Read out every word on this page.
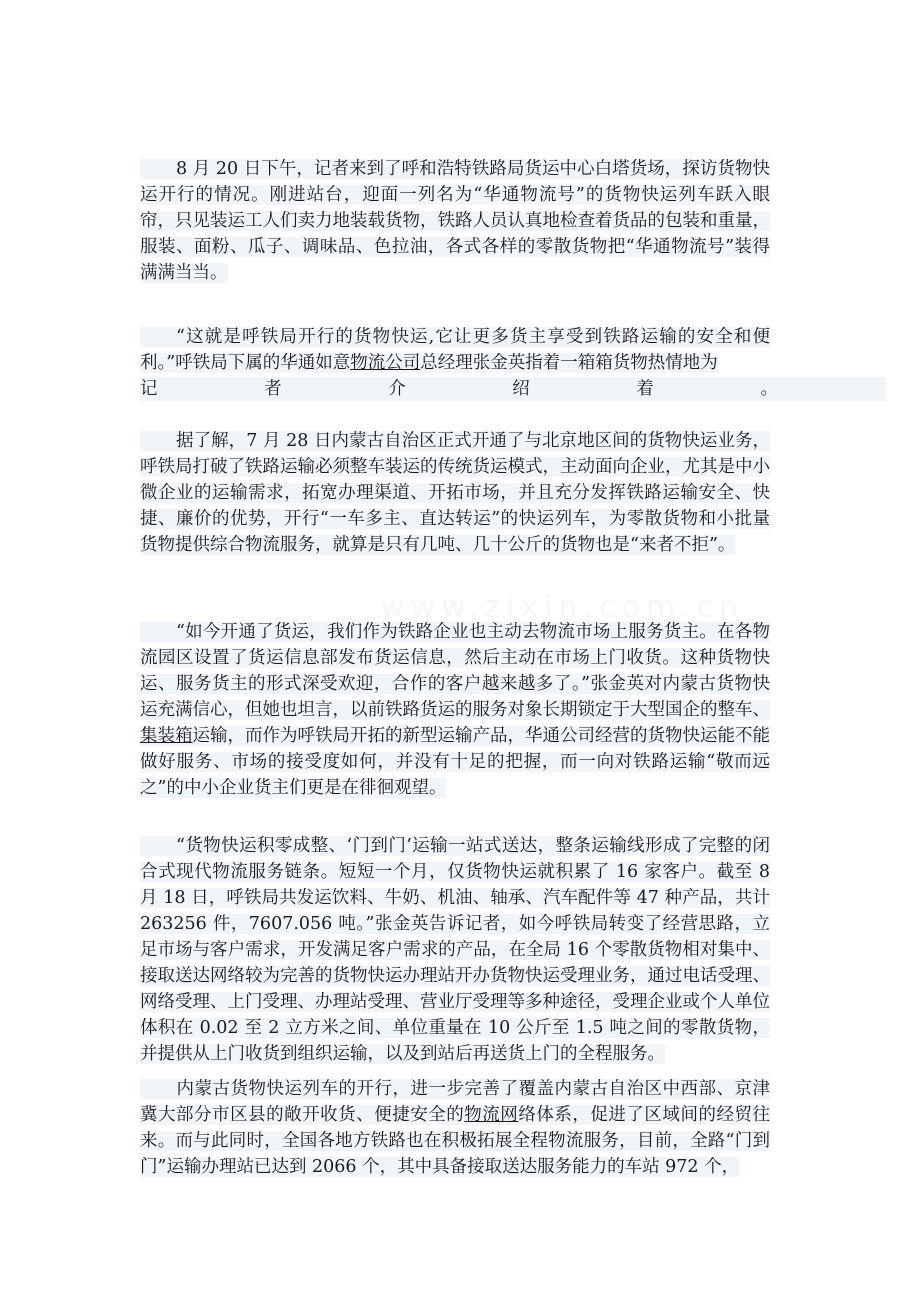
8 月 20 日下午，记者来到了呼和浩特铁路局货运中心白塔货场，探访货物快运开行的情况。刚进站台，迎面一列名为“华通物流号”的货物快运列车跃入眼帘，只见装运工人们卖力地装载货物，铁路人员认真地检查着货品的包装和重量，服装、面粉、瓜子、调味品、色拉油，各式各样的零散货物把“华通物流号”装得满满当当。

“这就是呼铁局开行的货物快运,它让更多货主享受到铁路运输的安全和便利。”呼铁局下属的华通如意物流公司总经理张金英指着一箱箱货物热情地为

记	者	介	绍	着	。

据了解，7 月 28 日内蒙古自治区正式开通了与北京地区间的货物快运业务，呼铁局打破了铁路运输必须整车装运的传统货运模式，主动面向企业，尤其是中小微企业的运输需求，拓宽办理渠道、开拓市场，并且充分发挥铁路运输安全、快捷、廉价的优势，开行“一车多主、直达转运”的快运列车，为零散货物和小批量货物提供综合物流服务，就算是只有几吨、几十公斤的货物也是“来者不拒”。

“如今开通了货运，我们作为铁路企业也主动去物流市场上服务货主。在各物流园区设置了货运信息部发布货运信息，然后主动在市场上门收货。这种货物快运、服务货主的形式深受欢迎，合作的客户越来越多了。”张金英对内蒙古货物快运充满信心，但她也坦言，以前铁路货运的服务对象长期锁定于大型国企的整车、集装箱运输，而作为呼铁局开拓的新型运输产品，华通公司经营的货物快运能不能做好服务、市场的接受度如何，并没有十足的把握，而一向对铁路运输“敬而远之”的中小企业货主们更是在徘徊观望。

“货物快运积零成整、‘门到门’运输一站式送达，整条运输线形成了完整的闭合式现代物流服务链条。短短一个月，仅货物快运就积累了 16 家客户。截至 8 月 18 日，呼铁局共发运饮料、牛奶、机油、轴承、汽车配件等 47 种产品，共计 263256 件，7607.056 吨。”张金英告诉记者，如今呼铁局转变了经营思路，立足市场与客户需求，开发满足客户需求的产品，在全局 16 个零散货物相对集中、接取送达网络较为完善的货物快运办理站开办货物快运受理业务，通过电话受理、网络受理、上门受理、办理站受理、营业厅受理等多种途径，受理企业或个人单位体积在 0.02 至 2 立方米之间、单位重量在 10 公斤至 1.5 吨之间的零散货物，并提供从上门收货到组织运输，以及到站后再送货上门的全程服务。

内蒙古货物快运列车的开行，进一步完善了覆盖内蒙古自治区中西部、京津冀大部分市区县的敞开收货、便捷安全的物流网络体系，促进了区域间的经贸往来。而与此同时，全国各地方铁路也在积极拓展全程物流服务，目前，全路“门到门”运输办理站已达到 2066 个，其中具备接取送达服务能力的车站 972 个，
